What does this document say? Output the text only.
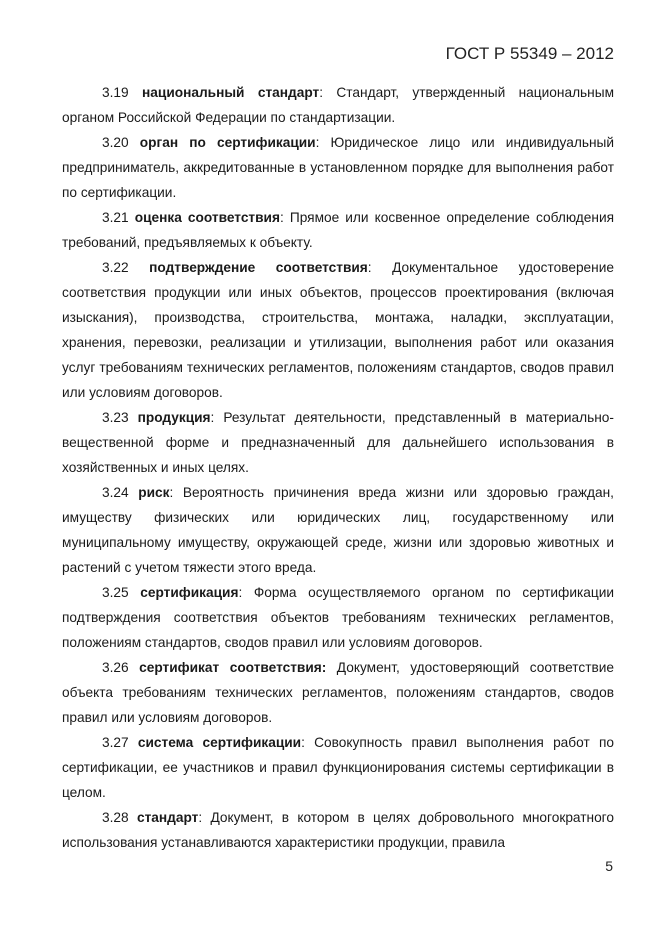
ГОСТ Р 55349 – 2012

3.19 национальный стандарт: Стандарт, утвержденный национальным органом Российской Федерации по стандартизации.

3.20 орган по сертификации: Юридическое лицо или индивидуальный предприниматель, аккредитованные в установленном порядке для выполнения работ по сертификации.

3.21 оценка соответствия: Прямое или косвенное определение соблюдения требований, предъявляемых к объекту.

3.22 подтверждение соответствия: Документальное удостоверение соответствия продукции или иных объектов, процессов проектирования (включая изыскания), производства, строительства, монтажа, наладки, эксплуатации, хранения, перевозки, реализации и утилизации, выполнения работ или оказания услуг требованиям технических регламентов, положениям стандартов, сводов правил или условиям договоров.

3.23 продукция: Результат деятельности, представленный в материально-вещественной форме и предназначенный для дальнейшего использования в хозяйственных и иных целях.

3.24 риск: Вероятность причинения вреда жизни или здоровью граждан, имуществу физических или юридических лиц, государственному или муниципальному имуществу, окружающей среде, жизни или здоровью животных и растений с учетом тяжести этого вреда.

3.25 сертификация: Форма осуществляемого органом по сертификации подтверждения соответствия объектов требованиям технических регламентов, положениям стандартов, сводов правил или условиям договоров.

3.26 сертификат соответствия: Документ, удостоверяющий соответствие объекта требованиям технических регламентов, положениям стандартов, сводов правил или условиям договоров.

3.27 система сертификации: Совокупность правил выполнения работ по сертификации, ее участников и правил функционирования системы сертификации в целом.

3.28 стандарт: Документ, в котором в целях добровольного многократного использования устанавливаются характеристики продукции, правила

5
